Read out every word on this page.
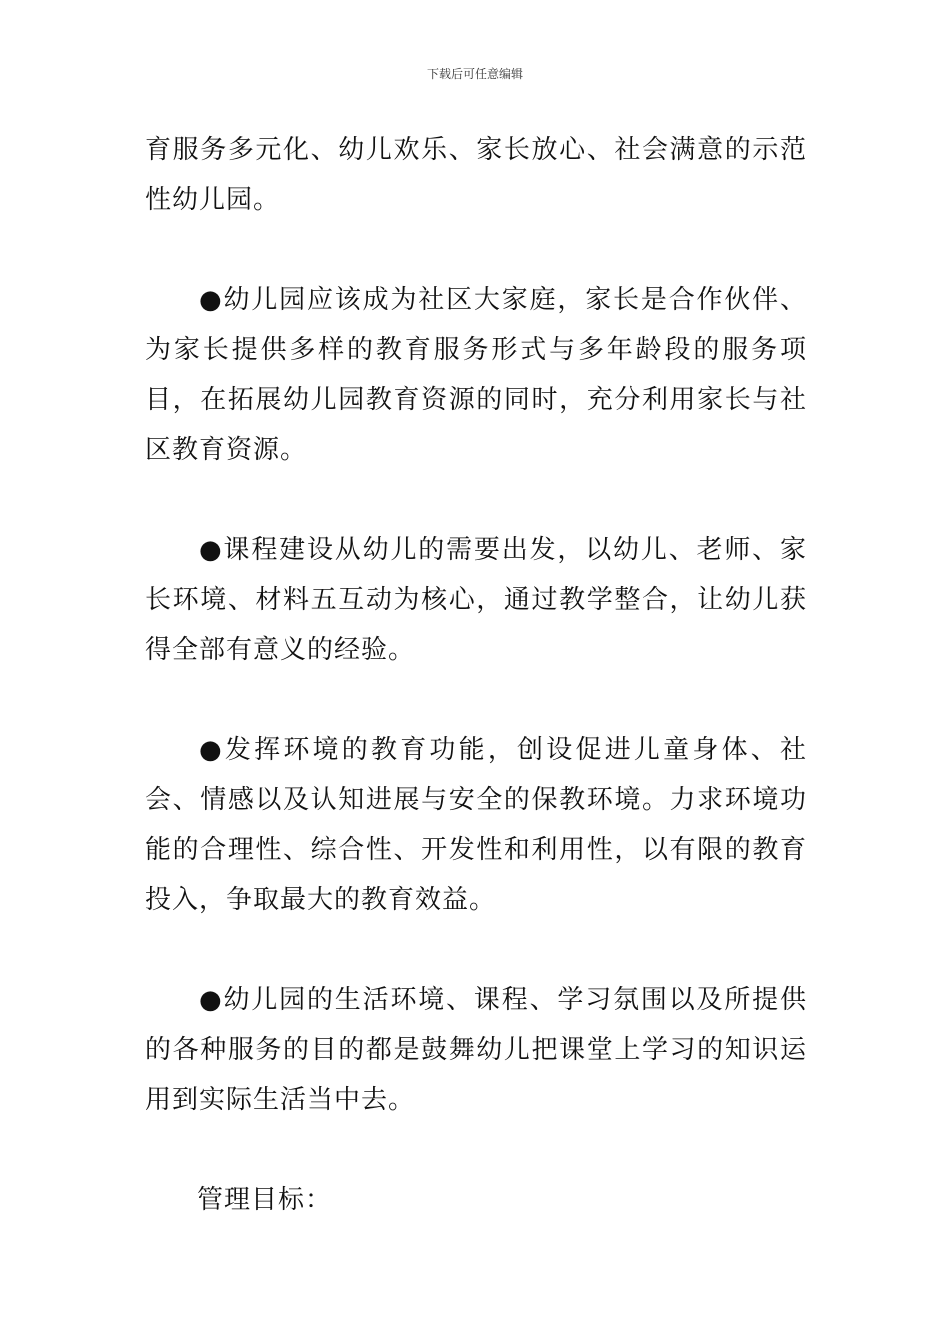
下载后可任意编辑

育服务多元化、幼儿欢乐、家长放心、社会满意的示范性幼儿园。

●幼儿园应该成为社区大家庭，家长是合作伙伴、为家长提供多样的教育服务形式与多年龄段的服务项目，在拓展幼儿园教育资源的同时，充分利用家长与社区教育资源。

●课程建设从幼儿的需要出发，以幼儿、老师、家长环境、材料五互动为核心，通过教学整合，让幼儿获得全部有意义的经验。

●发挥环境的教育功能，创设促进儿童身体、社会、情感以及认知进展与安全的保教环境。力求环境功能的合理性、综合性、开发性和利用性，以有限的教育投入，争取最大的教育效益。

●幼儿园的生活环境、课程、学习氛围以及所提供的各种服务的目的都是鼓舞幼儿把课堂上学习的知识运用到实际生活当中去。

管理目标：
